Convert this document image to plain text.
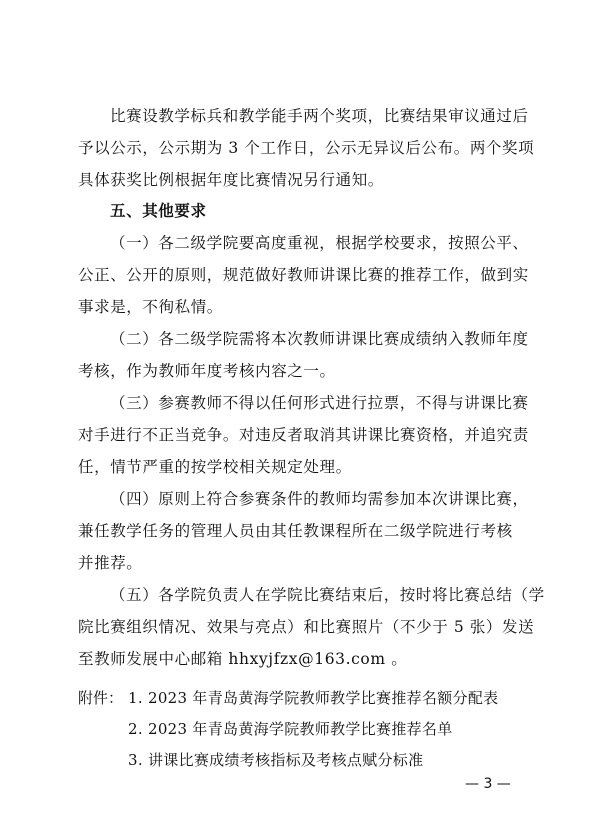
比赛设教学标兵和教学能手两个奖项，比赛结果审议通过后
予以公示，公示期为 3 个工作日，公示无异议后公布。两个奖项
具体获奖比例根据年度比赛情况另行通知。
五、其他要求
（一）各二级学院要高度重视，根据学校要求，按照公平、
公正、公开的原则，规范做好教师讲课比赛的推荐工作，做到实
事求是，不徇私情。
（二）各二级学院需将本次教师讲课比赛成绩纳入教师年度
考核，作为教师年度考核内容之一。
（三）参赛教师不得以任何形式进行拉票，不得与讲课比赛
对手进行不正当竞争。对违反者取消其讲课比赛资格，并追究责
任，情节严重的按学校相关规定处理。
（四）原则上符合参赛条件的教师均需参加本次讲课比赛，
兼任教学任务的管理人员由其任教课程所在二级学院进行考核
并推荐。
（五）各学院负责人在学院比赛结束后，按时将比赛总结（学
院比赛组织情况、效果与亮点）和比赛照片（不少于 5 张）发送
至教师发展中心邮箱 hhxyjfzx@163.com 。
附件： 1. 2023 年青岛黄海学院教师教学比赛推荐名额分配表
2. 2023 年青岛黄海学院教师教学比赛推荐名单
3. 讲课比赛成绩考核指标及考核点赋分标准
— 3 —
